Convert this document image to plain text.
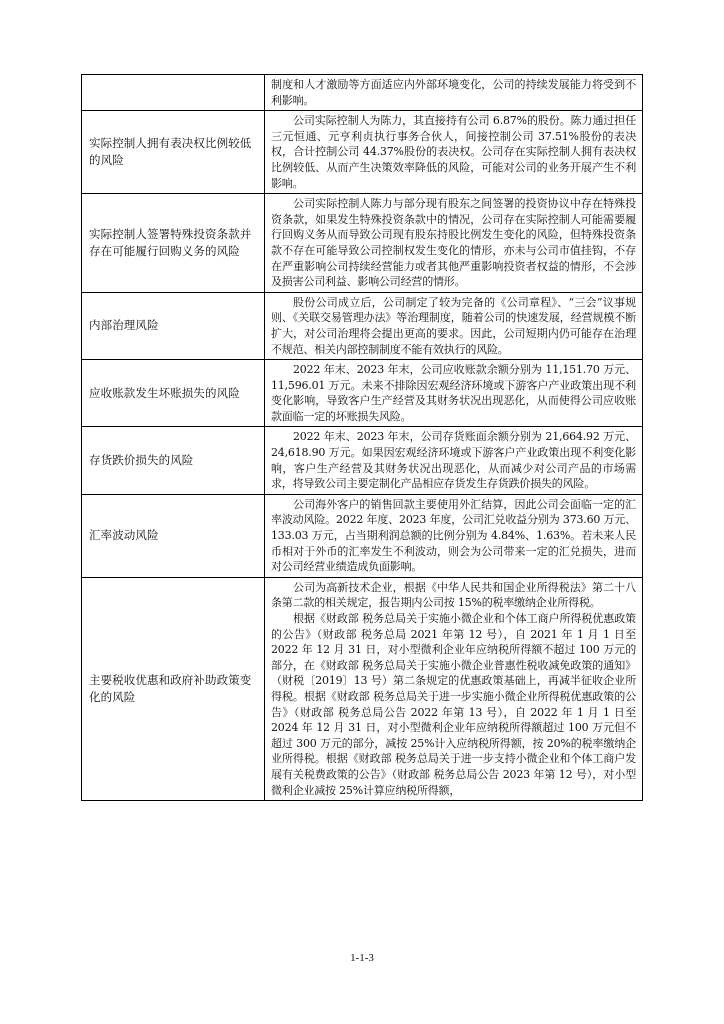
	制度和人才激励等方面适应内外部环境变化，公司的持续发展能力将受到不利影响。

实际控制人拥有表决权比例较低的风险	公司实际控制人为陈力，其直接持有公司 6.87%的股份。陈力通过担任三元恒通、元亨利贞执行事务合伙人，间接控制公司 37.51%股份的表决权，合计控制公司 44.37%股份的表决权。公司存在实际控制人拥有表决权比例较低、从而产生决策效率降低的风险，可能对公司的业务开展产生不利影响。

实际控制人签署特殊投资条款并存在可能履行回购义务的风险	公司实际控制人陈力与部分现有股东之间签署的投资协议中存在特殊投资条款，如果发生特殊投资条款中的情况，公司存在实际控制人可能需要履行回购义务从而导致公司现有股东持股比例发生变化的风险，但特殊投资条款不存在可能导致公司控制权发生变化的情形，亦未与公司市值挂钩，不存在严重影响公司持续经营能力或者其他严重影响投资者权益的情形，不会涉及损害公司利益、影响公司经营的情形。

内部治理风险	股份公司成立后，公司制定了较为完备的《公司章程》、“三会”议事规则、《关联交易管理办法》等治理制度，随着公司的快速发展，经营规模不断扩大，对公司治理将会提出更高的要求。因此，公司短期内仍可能存在治理不规范、相关内部控制制度不能有效执行的风险。

应收账款发生坏账损失的风险	2022 年末、2023 年末，公司应收账款余额分别为 11,151.70 万元、11,596.01 万元。未来不排除因宏观经济环境或下游客户产业政策出现不利变化影响，导致客户生产经营及其财务状况出现恶化，从而使得公司应收账款面临一定的坏账损失风险。

存货跌价损失的风险	2022 年末、2023 年末，公司存货账面余额分别为 21,664.92 万元、24,618.90 万元。如果因宏观经济环境或下游客户产业政策出现不利变化影响，客户生产经营及其财务状况出现恶化，从而减少对公司产品的市场需求，将导致公司主要定制化产品相应存货发生存货跌价损失的风险。

汇率波动风险	公司海外客户的销售回款主要使用外汇结算，因此公司会面临一定的汇率波动风险。2022 年度、2023 年度，公司汇兑收益分别为 373.60 万元、133.03 万元，占当期利润总额的比例分别为 4.84%、1.63%。若未来人民币相对于外币的汇率发生不利波动，则会为公司带来一定的汇兑损失，进而对公司经营业绩造成负面影响。

主要税收优惠和政府补助政策变化的风险	公司为高新技术企业，根据《中华人民共和国企业所得税法》第二十八条第二款的相关规定，报告期内公司按 15%的税率缴纳企业所得税。

根据《财政部 税务总局关于实施小微企业和个体工商户所得税优惠政策的公告》（财政部 税务总局 2021 年第 12 号），自 2021 年 1 月 1 日至 2022 年 12 月 31 日，对小型微利企业年应纳税所得额不超过 100 万元的部分，在《财政部 税务总局关于实施小微企业普惠性税收减免政策的通知》（财税〔2019〕13 号）第二条规定的优惠政策基础上，再减半征收企业所得税。根据《财政部 税务总局关于进一步实施小微企业所得税优惠政策的公告》（财政部 税务总局公告 2022 年第 13 号），自 2022 年 1 月 1 日至 2024 年 12 月 31 日，对小型微利企业年应纳税所得额超过 100 万元但不超过 300 万元的部分，减按 25%计入应纳税所得额，按 20%的税率缴纳企业所得税。根据《财政部 税务总局关于进一步支持小微企业和个体工商户发展有关税费政策的公告》（财政部 税务总局公告 2023 年第 12 号），对小型微利企业减按 25%计算应纳税所得额，

1-1-3
